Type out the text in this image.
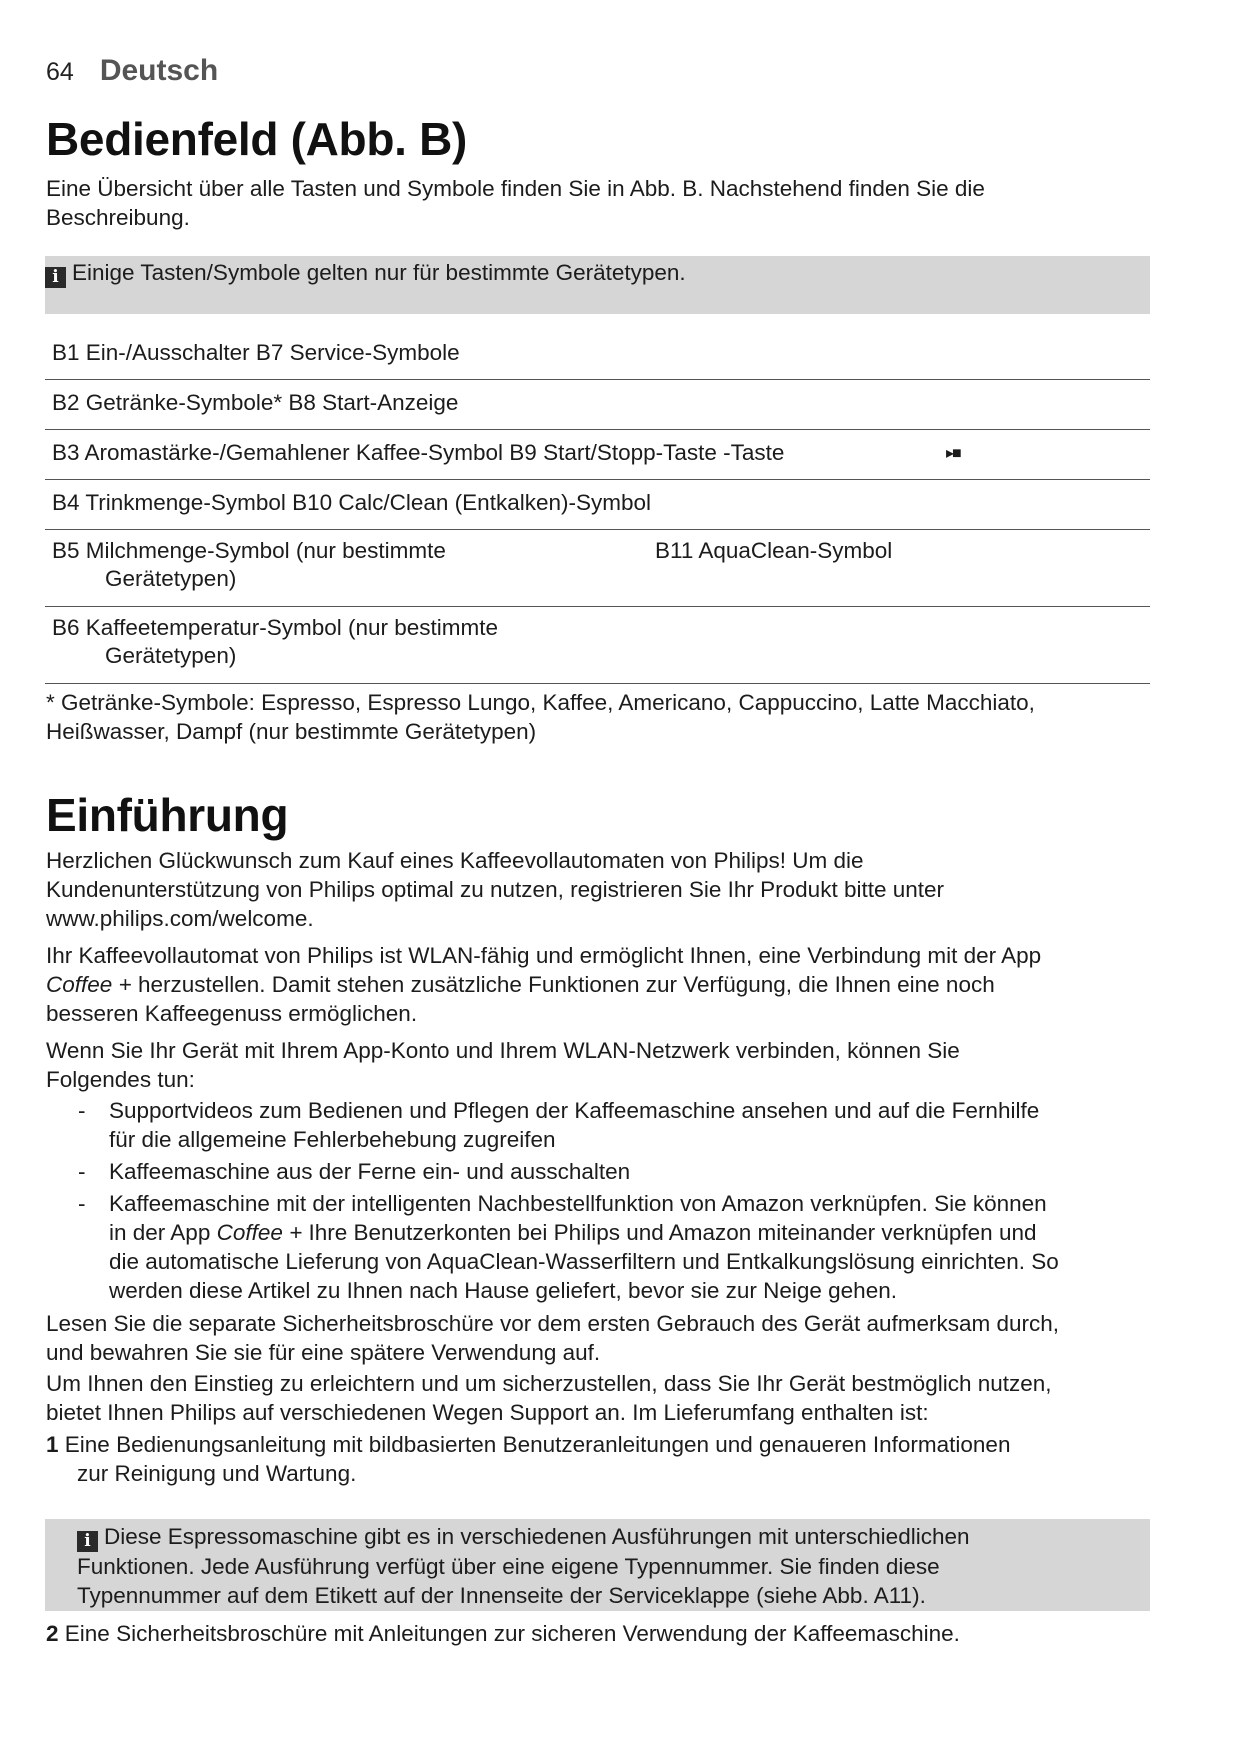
64 Deutsch
Bedienfeld (Abb. B)

Eine Übersicht über alle Tasten und Symbole finden Sie in Abb. B. Nachstehend finden Sie die
Beschreibung.

i Einige Tasten/Symbole gelten nur für bestimmte Gerätetypen.
B1 Ein-/Ausschalter B7 Service-Symbole
B2 Getränke-Symbole* B8 Start-Anzeige
B3 Aromastärke-/Gemahlener Kaffee-Symbol B9 Start/Stopp-Taste -Taste	▸■
B4 Trinkmenge-Symbol B10 Calc/Clean (Entkalken)-Symbol
B5 Milchmenge-Symbol (nur bestimmte
Gerätetypen)
B11 AquaClean-Symbol
B6 Kaffeetemperatur-Symbol (nur bestimmte
Gerätetypen)

* Getränke-Symbole: Espresso, Espresso Lungo, Kaffee, Americano, Cappuccino, Latte Macchiato,
Heißwasser, Dampf (nur bestimmte Gerätetypen)

Einführung

Herzlichen Glückwunsch zum Kauf eines Kaffeevollautomaten von Philips! Um die
Kundenunterstützung von Philips optimal zu nutzen, registrieren Sie Ihr Produkt bitte unter
www.philips.com/welcome.

Ihr Kaffeevollautomat von Philips ist WLAN-fähig und ermöglicht Ihnen, eine Verbindung mit der App
Coffee + herzustellen. Damit stehen zusätzliche Funktionen zur Verfügung, die Ihnen eine noch
besseren Kaffeegenuss ermöglichen.

Wenn Sie Ihr Gerät mit Ihrem App-Konto und Ihrem WLAN-Netzwerk verbinden, können Sie
Folgendes tun:

- Supportvideos zum Bedienen und Pflegen der Kaffeemaschine ansehen und auf die Fernhilfe
für die allgemeine Fehlerbehebung zugreifen
- Kaffeemaschine aus der Ferne ein- und ausschalten
- Kaffeemaschine mit der intelligenten Nachbestellfunktion von Amazon verknüpfen. Sie können
in der App Coffee + Ihre Benutzerkonten bei Philips und Amazon miteinander verknüpfen und
die automatische Lieferung von AquaClean-Wasserfiltern und Entkalkungslösung einrichten. So
werden diese Artikel zu Ihnen nach Hause geliefert, bevor sie zur Neige gehen.

Lesen Sie die separate Sicherheitsbroschüre vor dem ersten Gebrauch des Gerät aufmerksam durch,
und bewahren Sie sie für eine spätere Verwendung auf.

Um Ihnen den Einstieg zu erleichtern und um sicherzustellen, dass Sie Ihr Gerät bestmöglich nutzen,
bietet Ihnen Philips auf verschiedenen Wegen Support an. Im Lieferumfang enthalten ist:

1 Eine Bedienungsanleitung mit bildbasierten Benutzeranleitungen und genaueren Informationen
zur Reinigung und Wartung.
i Diese Espressomaschine gibt es in verschiedenen Ausführungen mit unterschiedlichen
Funktionen. Jede Ausführung verfügt über eine eigene Typennummer. Sie finden diese
Typennummer auf dem Etikett auf der Innenseite der Serviceklappe (siehe Abb. A11).
2 Eine Sicherheitsbroschüre mit Anleitungen zur sicheren Verwendung der Kaffeemaschine.
